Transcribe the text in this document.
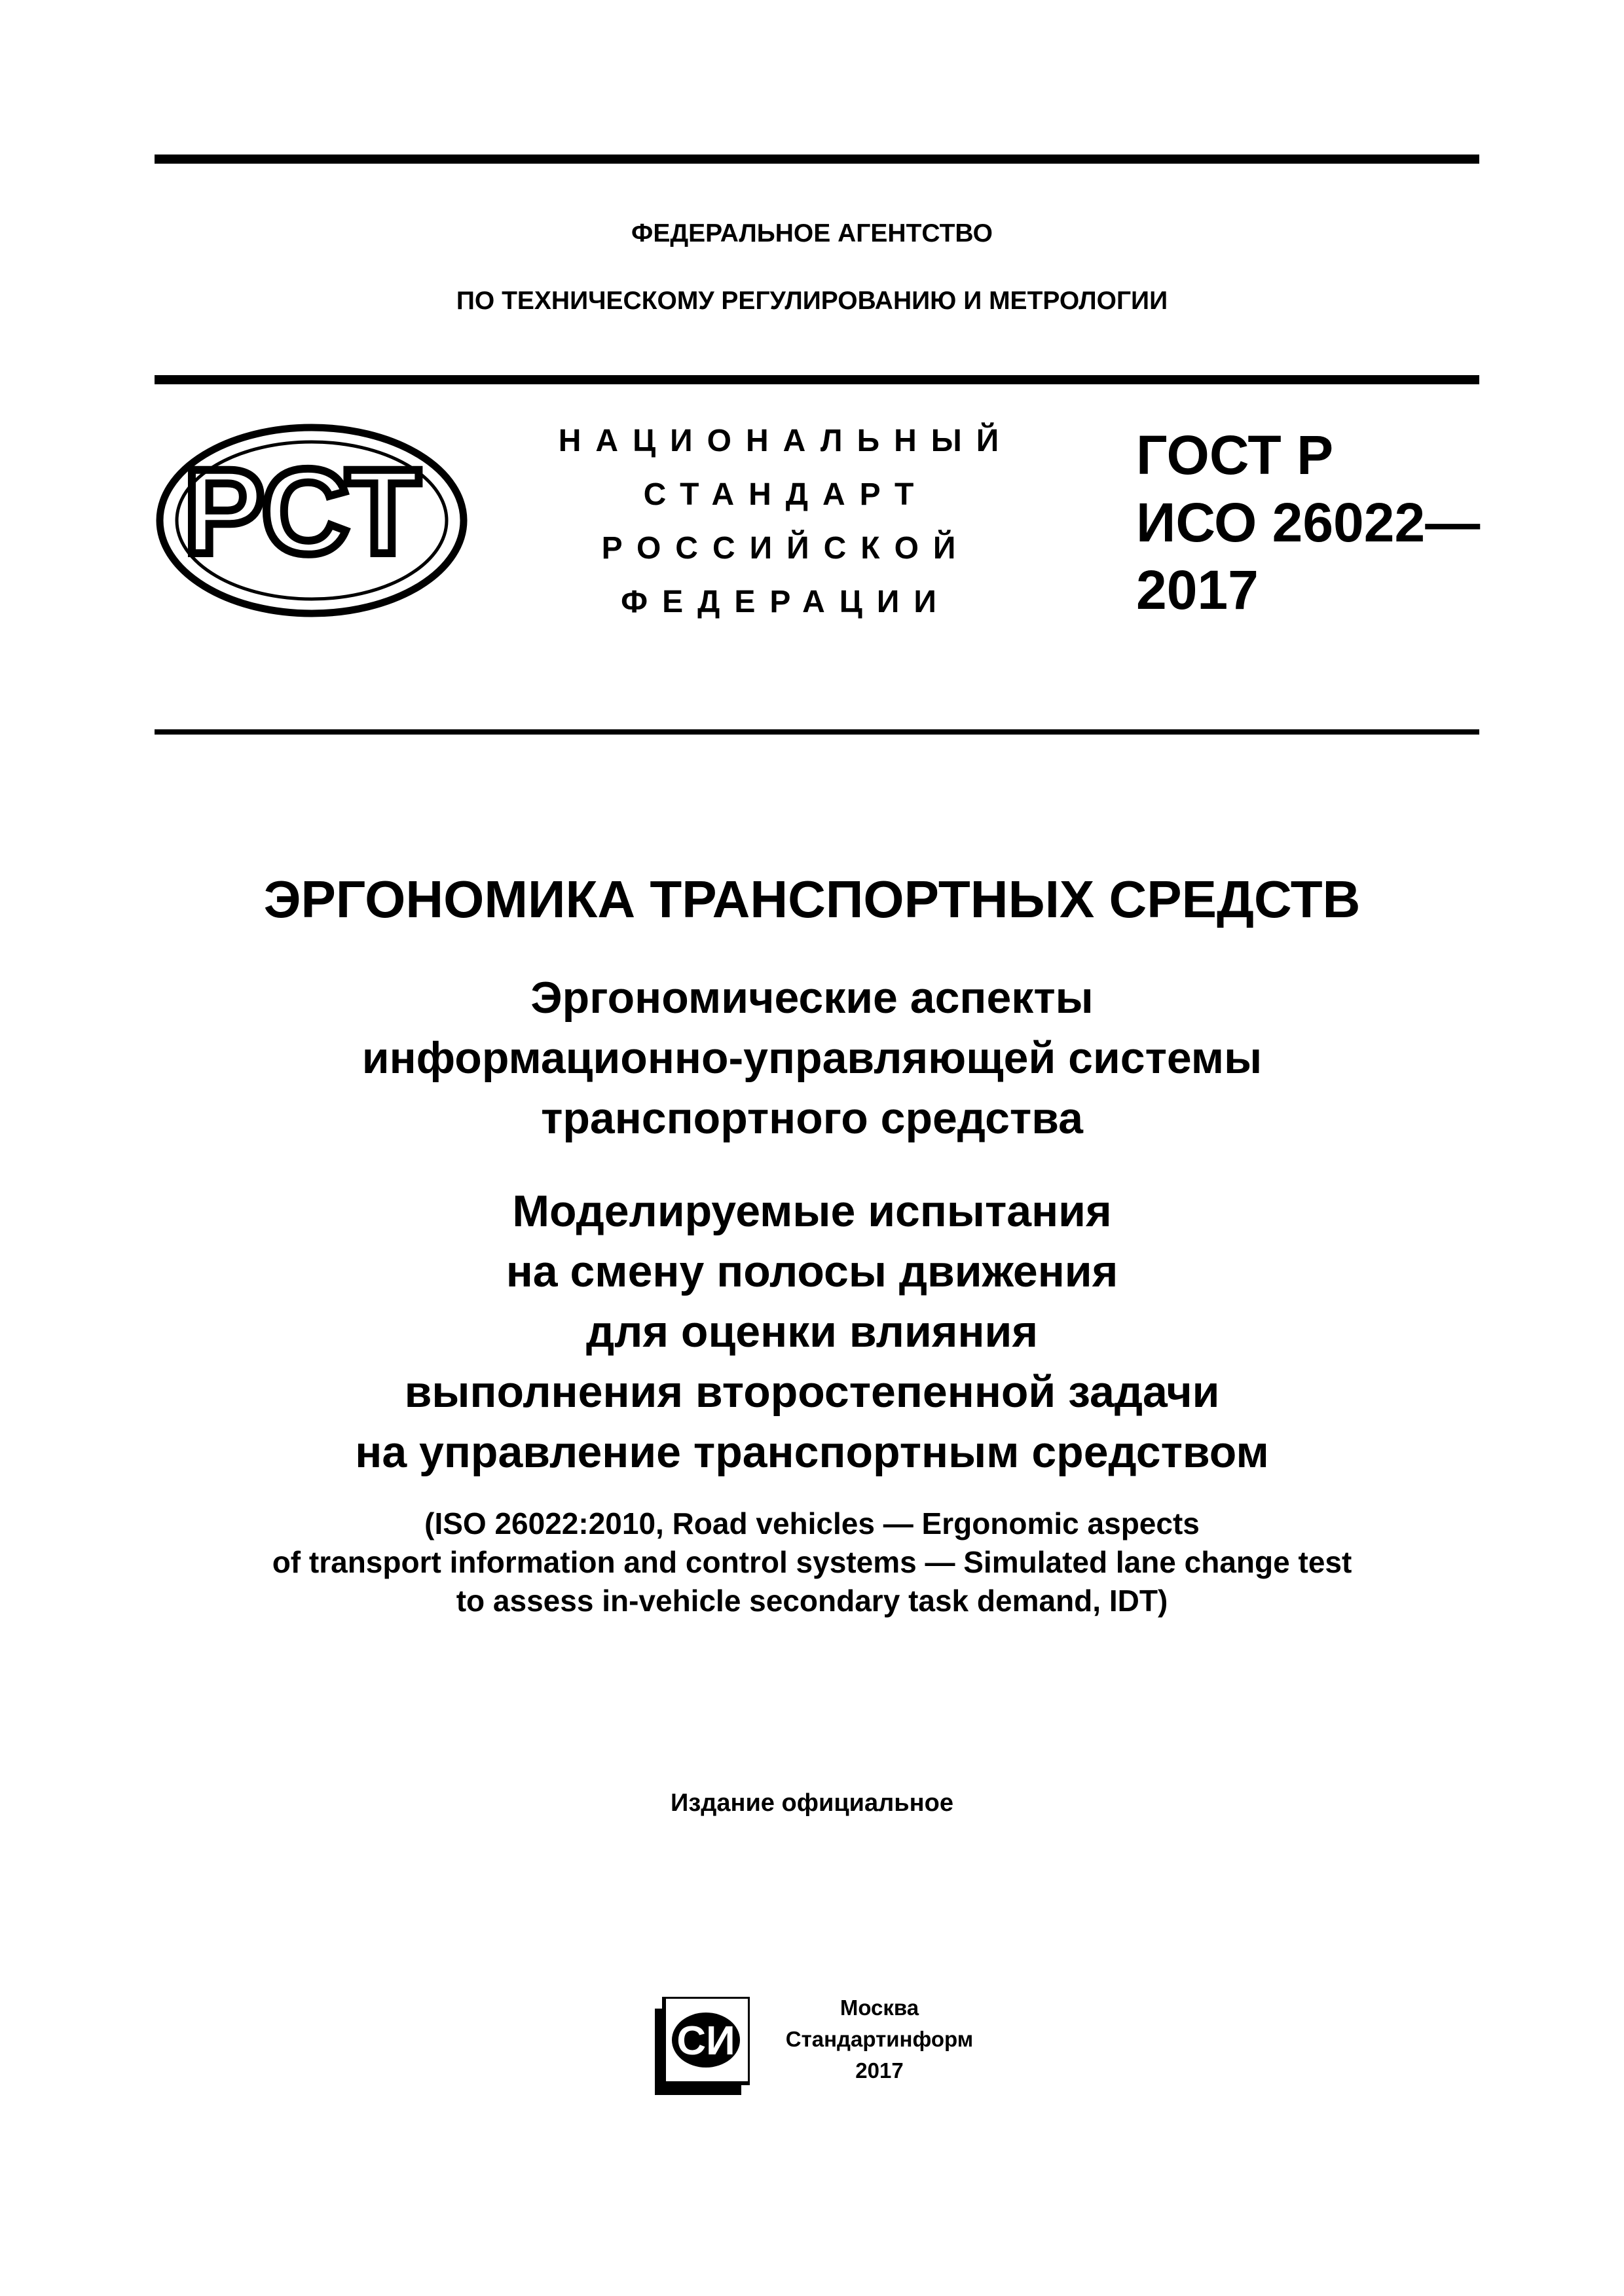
ФЕДЕРАЛЬНОЕ АГЕНТСТВО
ПО ТЕХНИЧЕСКОМУ РЕГУЛИРОВАНИЮ И МЕТРОЛОГИИ
РСТ
НАЦИОНАЛЬНЫЙ
СТАНДАРТ
РОССИЙСКОЙ
ФЕДЕРАЦИИ
ГОСТ Р
ИСО 26022—
2017
ЭРГОНОМИКА ТРАНСПОРТНЫХ СРЕДСТВ
Эргономические аспекты
информационно-управляющей системы
транспортного средства
Моделируемые испытания
на смену полосы движения
для оценки влияния
выполнения второстепенной задачи
на управление транспортным средством
(ISO 26022:2010, Road vehicles — Ergonomic aspects
of transport information and control systems — Simulated lane change test
to assess in-vehicle secondary task demand, IDT)
Издание официальное
СИ
Москва
Стандартинформ
2017
